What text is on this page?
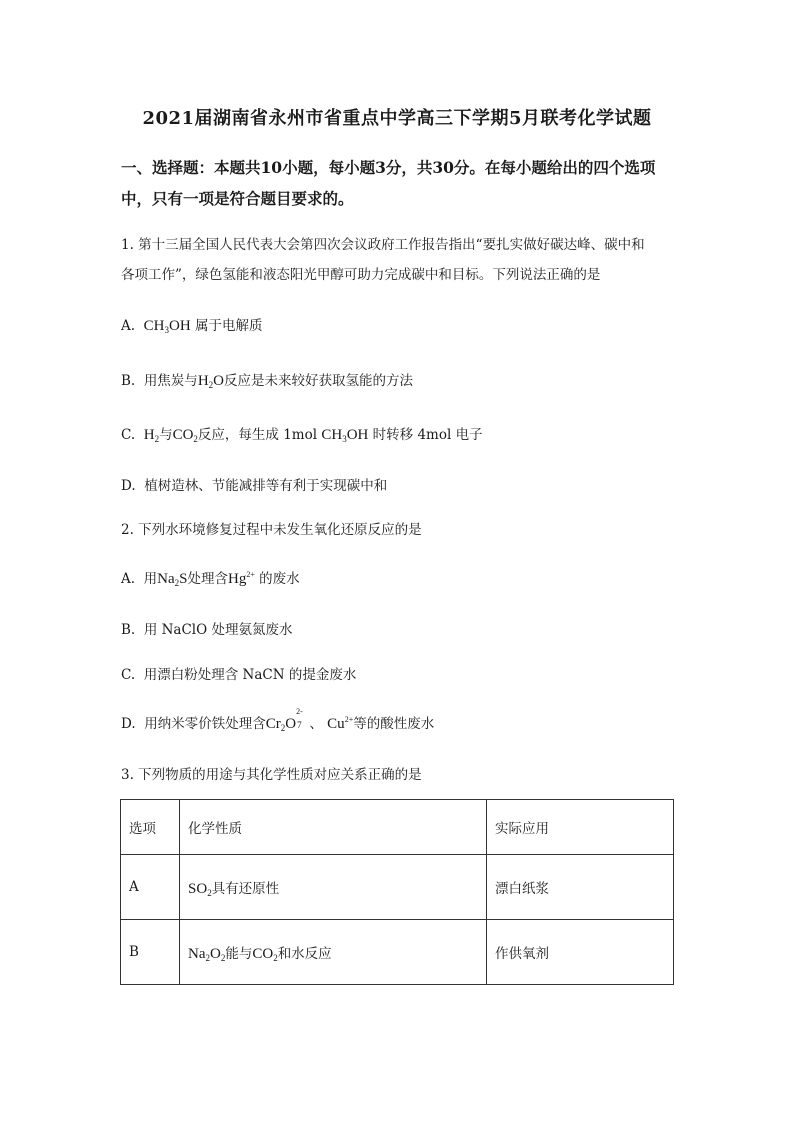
2021届湖南省永州市省重点中学高三下学期5月联考化学试题
一、选择题：本题共10小题，每小题3分，共30分。在每小题给出的四个选项中，只有一项是符合题目要求的。
1. 第十三届全国人民代表大会第四次会议政府工作报告指出“要扎实做好碳达峰、碳中和
各项工作”，绿色氢能和液态阳光甲醇可助力完成碳中和目标。下列说法正确的是
A. $CH_3OH$ 属于电解质
B. 用焦炭与$H_2O$反应是未来较好获取氢能的方法
C. $H_2$与$CO_2$反应，每生成 1mol $CH_3OH$ 时转移 4mol 电子
D. 植树造林、节能减排等有利于实现碳中和
2. 下列水环境修复过程中未发生氧化还原反应的是
A. 用$Na_2S$处理含$Hg^{2+}$ 的废水
B. 用 NaClO 处理氨氮废水
C. 用漂白粉处理含 NaCN 的提金废水
D. 用纳米零价铁处理含$Cr_2O$
2-
7 、 $Cu^{2+}$等的酸性废水
3. 下列物质的用途与其化学性质对应关系正确的是
选项	化学性质	实际应用
A	$SO_2$具有还原性	漂白纸浆
B	$Na_2O_2$能与$CO_2$和水反应	作供氧剂
